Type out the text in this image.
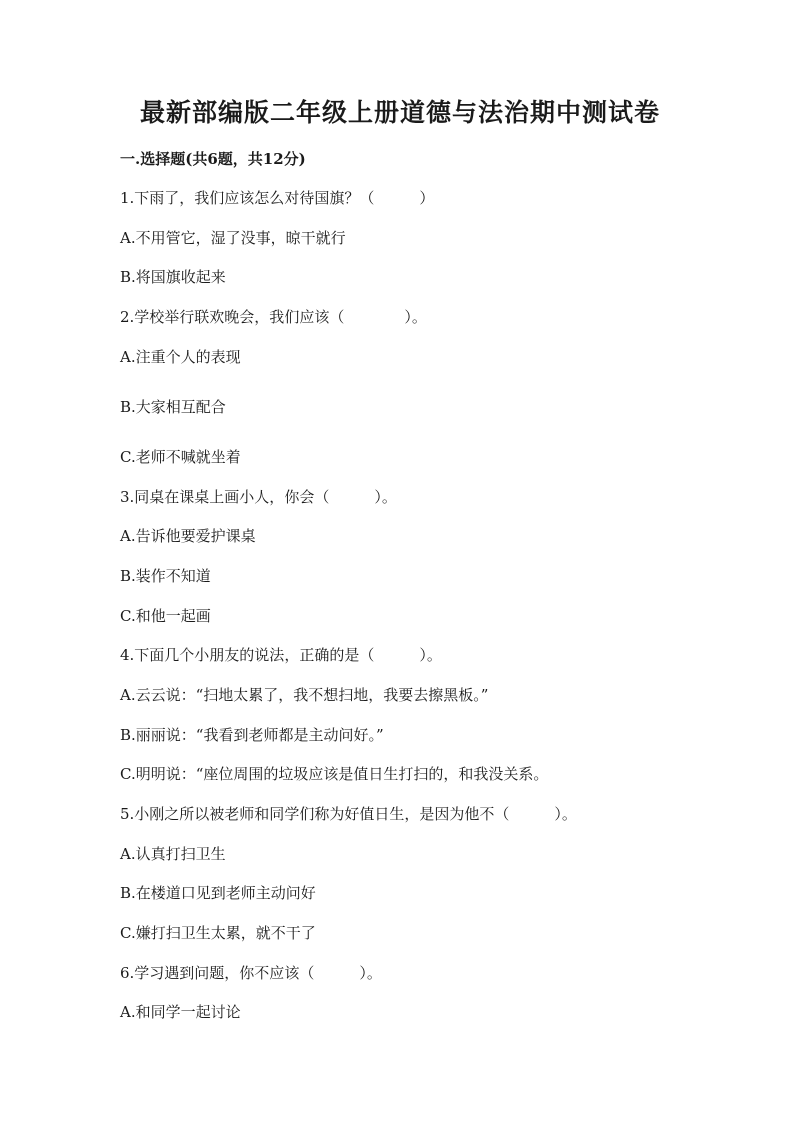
最新部编版二年级上册道德与法治期中测试卷
一.选择题(共6题，共12分)
1.下雨了，我们应该怎么对待国旗？（　　　）
A.不用管它，湿了没事，晾干就行
B.将国旗收起来
2.学校举行联欢晚会，我们应该（　　　　）。
A.注重个人的表现
B.大家相互配合
C.老师不喊就坐着
3.同桌在课桌上画小人，你会（　　　）。
A.告诉他要爱护课桌
B.装作不知道
C.和他一起画
4.下面几个小朋友的说法，正确的是（　　　）。
A.云云说：“扫地太累了，我不想扫地，我要去擦黑板。”
B.丽丽说：“我看到老师都是主动问好。”
C.明明说：“座位周围的垃圾应该是值日生打扫的，和我没关系。
5.小刚之所以被老师和同学们称为好值日生，是因为他不（　　　）。
A.认真打扫卫生
B.在楼道口见到老师主动问好
C.嫌打扫卫生太累，就不干了
6.学习遇到问题，你不应该（　　　）。
A.和同学一起讨论
